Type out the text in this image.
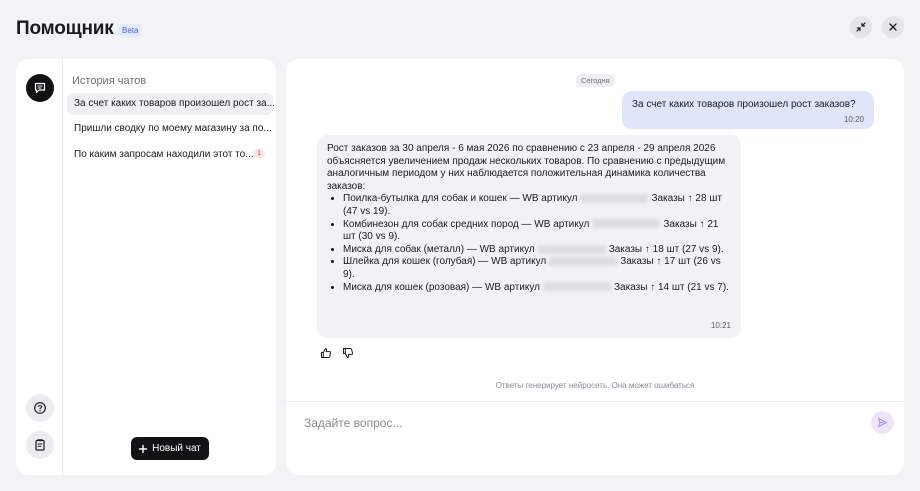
Помощник	Beta
История чатов
За счет каких товаров произошел рост за...
Пришли сводку по моему магазину за по...
По каким запросам находили этот то... 1
Новый чат
Сегодня
За счет каких товаров произошел рост заказов?
10:20
Рост заказов за 30 апреля - 6 мая 2026 по сравнению с 23 апреля - 29 апреля 2026 объясняется увеличением продаж нескольких товаров. По сравнению с предыдущим аналогичным периодом у них наблюдается положительная динамика количества заказов:
• Поилка-бутылка для собак и кошек — WB артикул	Заказы ↑ 28 шт (47 vs 19).
• Комбинезон для собак средних пород — WB артикул	Заказы ↑ 21 шт (30 vs 9).
• Миска для собак (металл) — WB артикул	Заказы ↑ 18 шт (27 vs 9).
• Шлейка для кошек (голубая) — WB артикул	Заказы ↑ 17 шт (26 vs 9).
• Миска для кошек (розовая) — WB артикул	Заказы ↑ 14 шт (21 vs 7).
10:21
Ответы генерирует нейросеть. Она может ошибаться
Задайте вопрос...
